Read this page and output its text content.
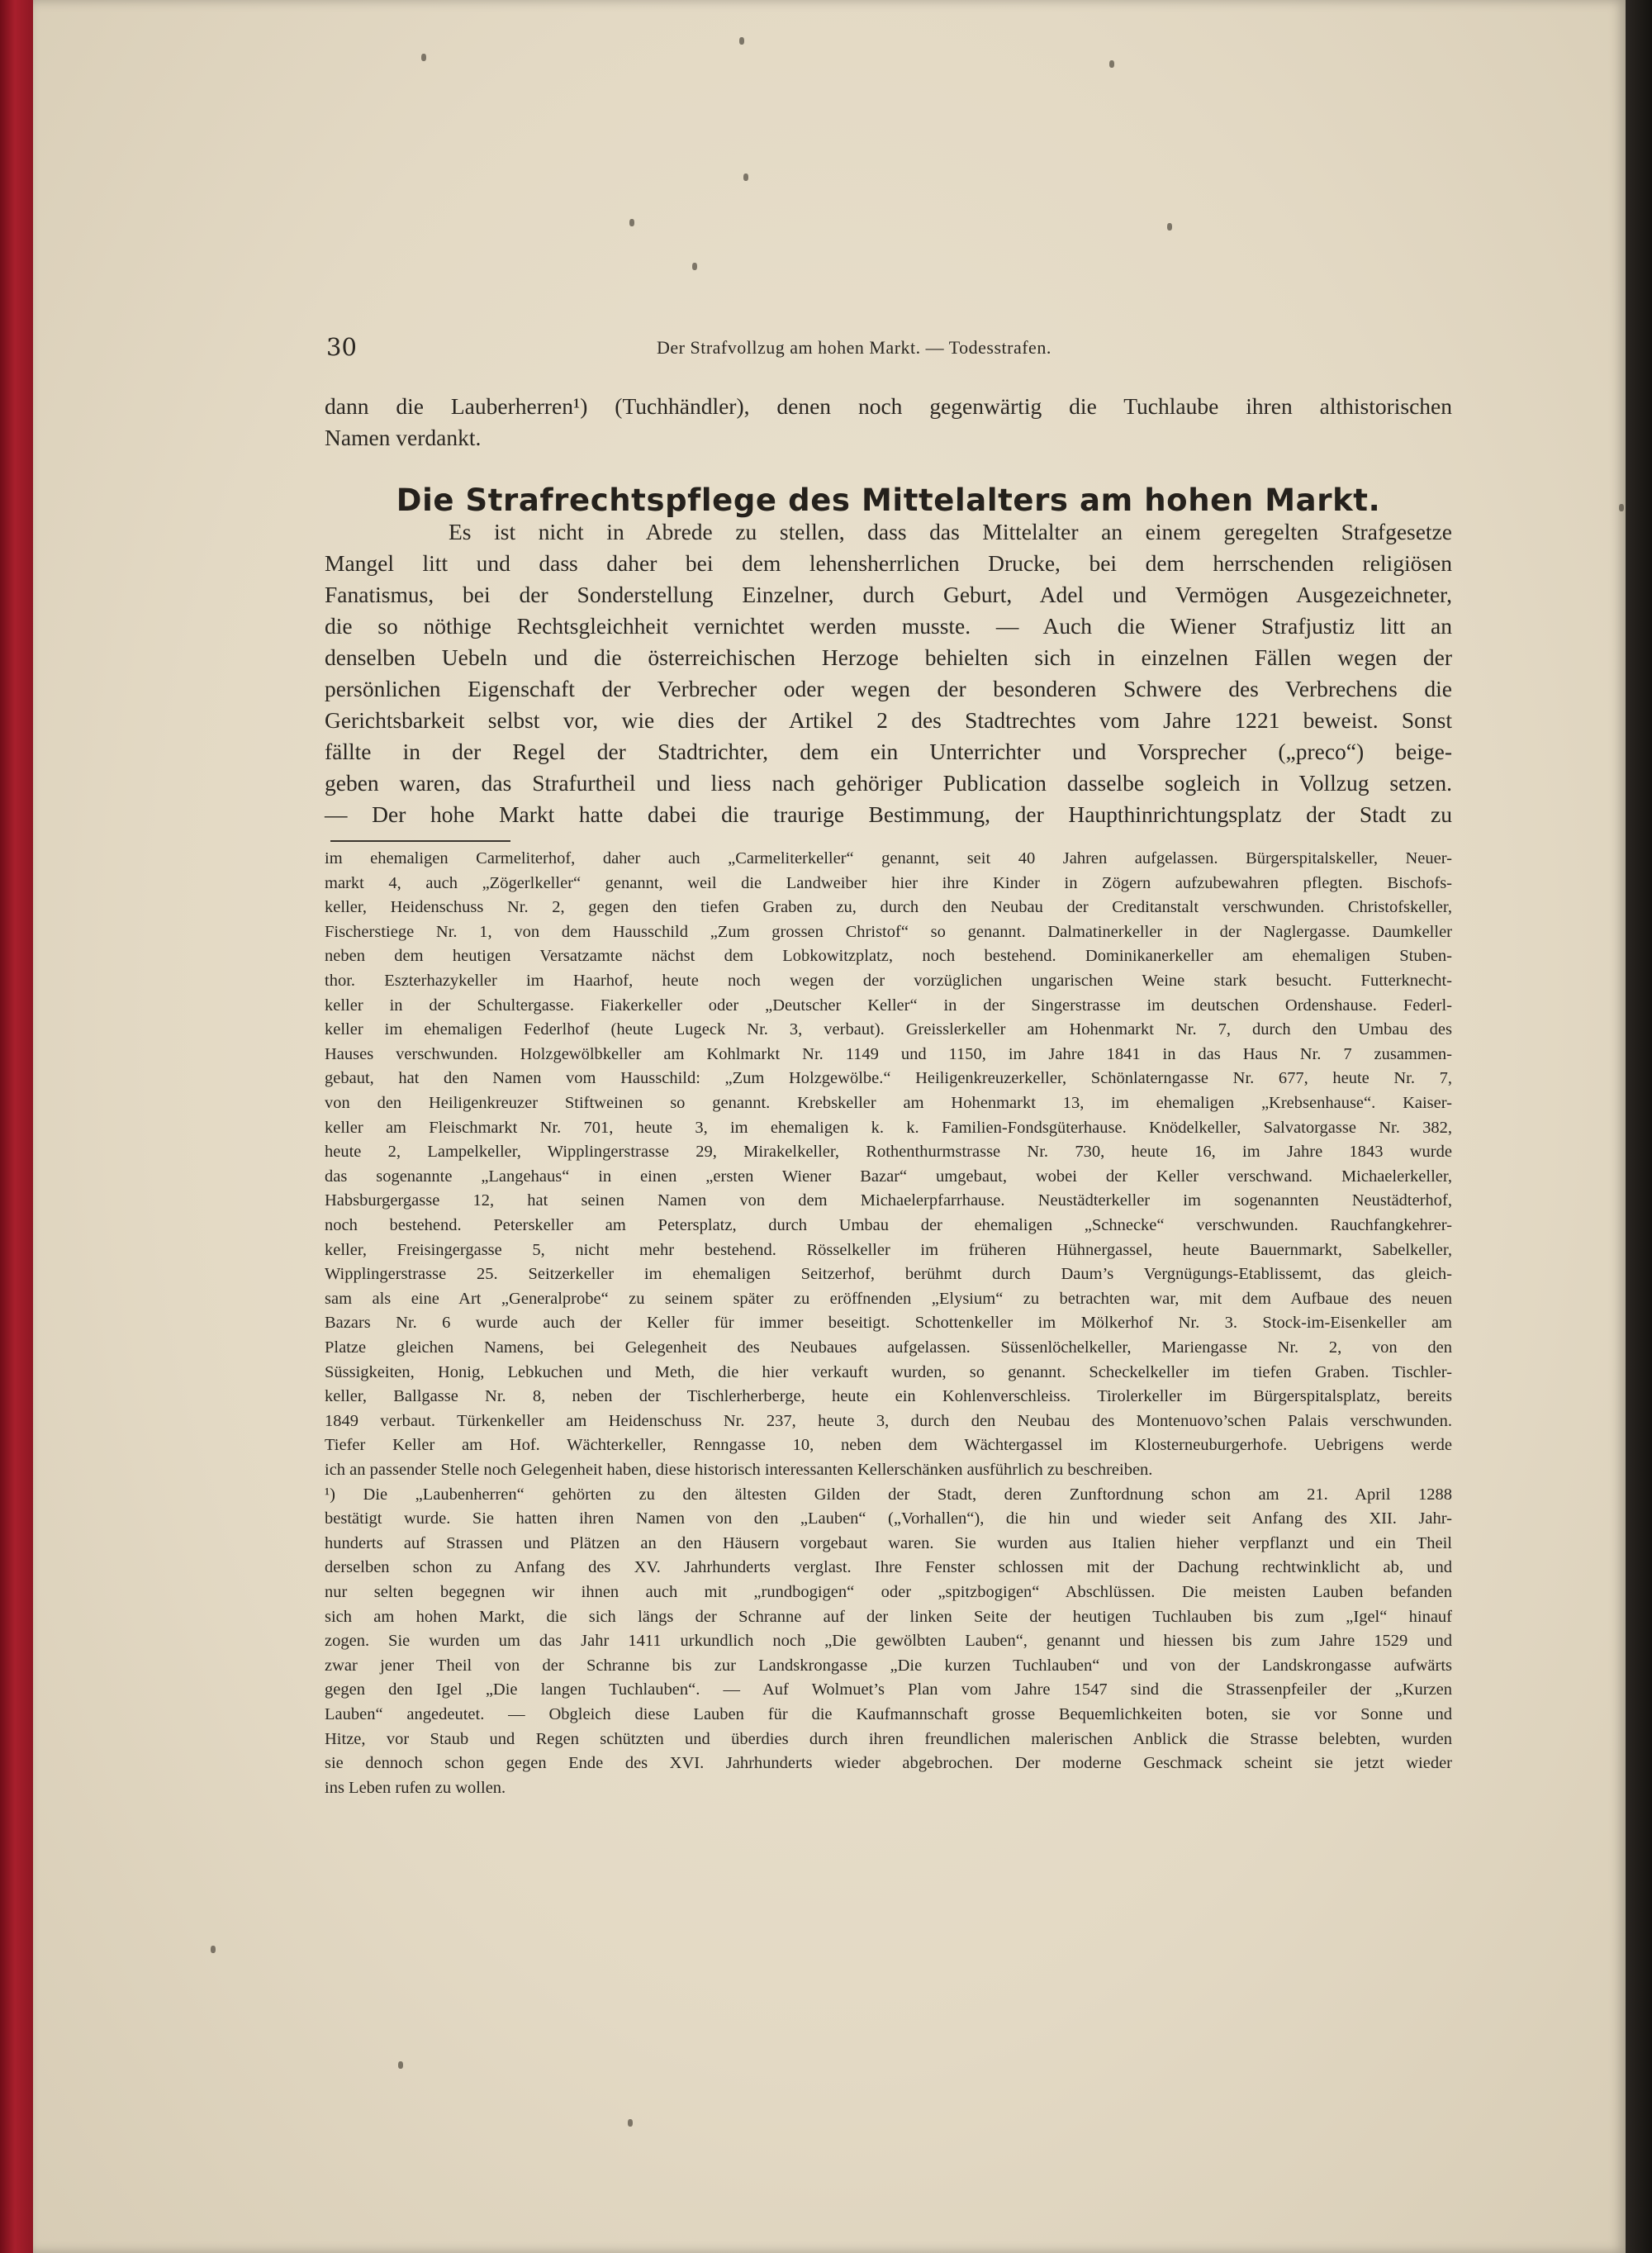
30	Der Strafvollzug am hohen Markt. — Todesstrafen.

dann die Lauberherren¹) (Tuchhändler), denen noch gegenwärtig die Tuchlaube ihren althistorischen

Namen verdankt.

Die Strafrechtspflege des Mittelalters am hohen Markt.

Es ist nicht in Abrede zu stellen, dass das Mittelalter an einem geregelten Strafgesetze

Mangel litt und dass daher bei dem lehensherrlichen Drucke, bei dem herrschenden religiösen

Fanatismus, bei der Sonderstellung Einzelner, durch Geburt, Adel und Vermögen Ausgezeichneter,

die so nöthige Rechtsgleichheit vernichtet werden musste. — Auch die Wiener Strafjustiz litt an

denselben Uebeln und die österreichischen Herzoge behielten sich in einzelnen Fällen wegen der

persönlichen Eigenschaft der Verbrecher oder wegen der besonderen Schwere des Verbrechens die

Gerichtsbarkeit selbst vor, wie dies der Artikel 2 des Stadtrechtes vom Jahre 1221 beweist. Sonst

fällte in der Regel der Stadtrichter, dem ein Unterrichter und Vorsprecher („preco“) beige-

geben waren, das Strafurtheil und liess nach gehöriger Publication dasselbe sogleich in Vollzug setzen.

— Der hohe Markt hatte dabei die traurige Bestimmung, der Haupthinrichtungsplatz der Stadt zu

im ehemaligen Carmeliterhof, daher auch „Carmeliterkeller“ genannt, seit 40 Jahren aufgelassen. Bürgerspitalskeller, Neuer-

markt 4, auch „Zögerlkeller“ genannt, weil die Landweiber hier ihre Kinder in Zögern aufzubewahren pflegten. Bischofs-

keller, Heidenschuss Nr. 2, gegen den tiefen Graben zu, durch den Neubau der Creditanstalt verschwunden. Christofskeller,

Fischerstiege Nr. 1, von dem Hausschild „Zum grossen Christof“ so genannt. Dalmatinerkeller in der Naglergasse. Daumkeller

neben dem heutigen Versatzamte nächst dem Lobkowitzplatz, noch bestehend. Dominikanerkeller am ehemaligen Stuben-

thor. Eszterhazykeller im Haarhof, heute noch wegen der vorzüglichen ungarischen Weine stark besucht. Futterknecht-

keller in der Schultergasse. Fiakerkeller oder „Deutscher Keller“ in der Singerstrasse im deutschen Ordenshause. Federl-

keller im ehemaligen Federlhof (heute Lugeck Nr. 3, verbaut). Greisslerkeller am Hohenmarkt Nr. 7, durch den Umbau des

Hauses verschwunden. Holzgewölbkeller am Kohlmarkt Nr. 1149 und 1150, im Jahre 1841 in das Haus Nr. 7 zusammen-

gebaut, hat den Namen vom Hausschild: „Zum Holzgewölbe.“ Heiligenkreuzerkeller, Schönlaterngasse Nr. 677, heute Nr. 7,

von den Heiligenkreuzer Stiftweinen so genannt. Krebskeller am Hohenmarkt 13, im ehemaligen „Krebsenhause“. Kaiser-

keller am Fleischmarkt Nr. 701, heute 3, im ehemaligen k. k. Familien-Fondsgüterhause. Knödelkeller, Salvatorgasse Nr. 382,

heute 2, Lampelkeller, Wipplingerstrasse 29, Mirakelkeller, Rothenthurmstrasse Nr. 730, heute 16, im Jahre 1843 wurde

das sogenannte „Langehaus“ in einen „ersten Wiener Bazar“ umgebaut, wobei der Keller verschwand. Michaelerkeller,

Habsburgergasse 12, hat seinen Namen von dem Michaelerpfarrhause. Neustädterkeller im sogenannten Neustädterhof,

noch bestehend. Peterskeller am Petersplatz, durch Umbau der ehemaligen „Schnecke“ verschwunden. Rauchfangkehrer-

keller, Freisingergasse 5, nicht mehr bestehend. Rösselkeller im früheren Hühnergassel, heute Bauernmarkt, Sabelkeller,

Wipplingerstrasse 25. Seitzerkeller im ehemaligen Seitzerhof, berühmt durch Daum’s Vergnügungs-Etablissemt, das gleich-

sam als eine Art „Generalprobe“ zu seinem später zu eröffnenden „Elysium“ zu betrachten war, mit dem Aufbaue des neuen

Bazars Nr. 6 wurde auch der Keller für immer beseitigt. Schottenkeller im Mölkerhof Nr. 3. Stock-im-Eisenkeller am

Platze gleichen Namens, bei Gelegenheit des Neubaues aufgelassen. Süssenlöchelkeller, Mariengasse Nr. 2, von den

Süssigkeiten, Honig, Lebkuchen und Meth, die hier verkauft wurden, so genannt. Scheckelkeller im tiefen Graben. Tischler-

keller, Ballgasse Nr. 8, neben der Tischlerherberge, heute ein Kohlenverschleiss. Tirolerkeller im Bürgerspitalsplatz, bereits

1849 verbaut. Türkenkeller am Heidenschuss Nr. 237, heute 3, durch den Neubau des Montenuovo’schen Palais verschwunden.

Tiefer Keller am Hof. Wächterkeller, Renngasse 10, neben dem Wächtergassel im Klosterneuburgerhofe. Uebrigens werde

ich an passender Stelle noch Gelegenheit haben, diese historisch interessanten Kellerschänken ausführlich zu beschreiben.

¹) Die „Laubenherren“ gehörten zu den ältesten Gilden der Stadt, deren Zunftordnung schon am 21. April 1288

bestätigt wurde. Sie hatten ihren Namen von den „Lauben“ („Vorhallen“), die hin und wieder seit Anfang des XII. Jahr-

hunderts auf Strassen und Plätzen an den Häusern vorgebaut waren. Sie wurden aus Italien hieher verpflanzt und ein Theil

derselben schon zu Anfang des XV. Jahrhunderts verglast. Ihre Fenster schlossen mit der Dachung rechtwinklicht ab, und

nur selten begegnen wir ihnen auch mit „rundbogigen“ oder „spitzbogigen“ Abschlüssen. Die meisten Lauben befanden

sich am hohen Markt, die sich längs der Schranne auf der linken Seite der heutigen Tuchlauben bis zum „Igel“ hinauf

zogen. Sie wurden um das Jahr 1411 urkundlich noch „Die gewölbten Lauben“, genannt und hiessen bis zum Jahre 1529 und

zwar jener Theil von der Schranne bis zur Landskrongasse „Die kurzen Tuchlauben“ und von der Landskrongasse aufwärts

gegen den Igel „Die langen Tuchlauben“. — Auf Wolmuet’s Plan vom Jahre 1547 sind die Strassenpfeiler der „Kurzen

Lauben“ angedeutet. — Obgleich diese Lauben für die Kaufmannschaft grosse Bequemlichkeiten boten, sie vor Sonne und

Hitze, vor Staub und Regen schützten und überdies durch ihren freundlichen malerischen Anblick die Strasse belebten, wurden

sie dennoch schon gegen Ende des XVI. Jahrhunderts wieder abgebrochen. Der moderne Geschmack scheint sie jetzt wieder

ins Leben rufen zu wollen.
